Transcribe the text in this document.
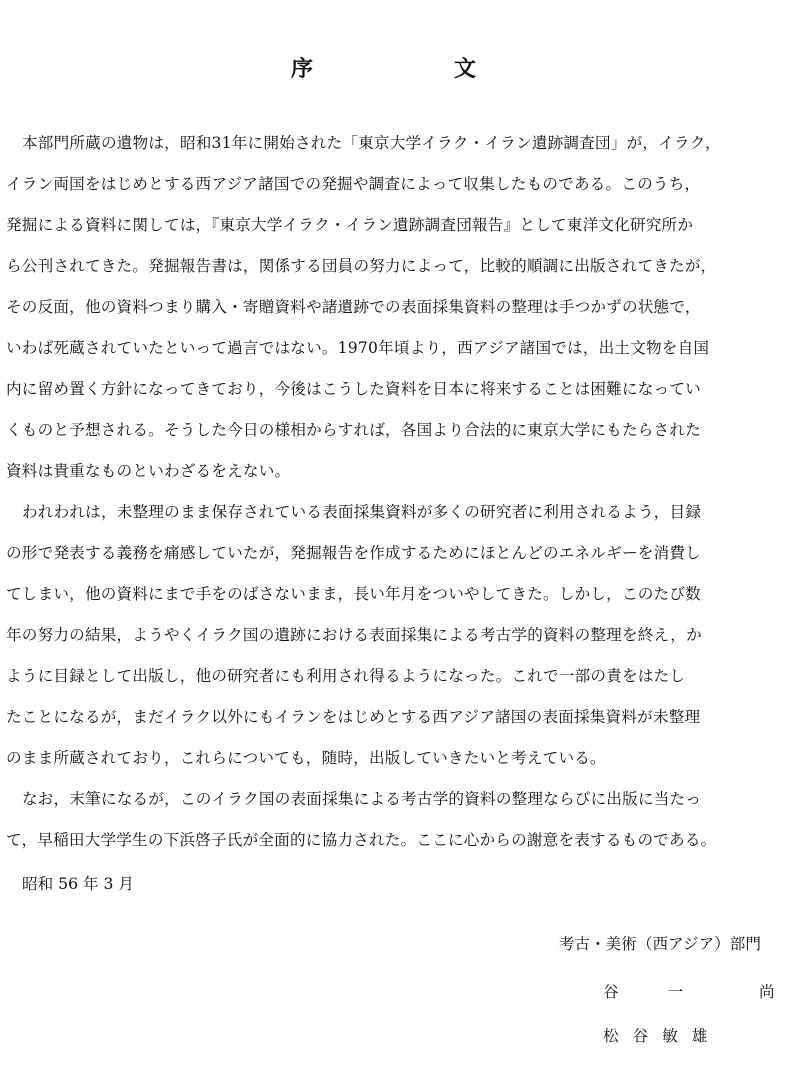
序	文
本部門所蔵の遺物は，昭和31年に開始された「東京大学イラク・イラン遺跡調査団」が，イラク，
イラン両国をはじめとする西アジア諸国での発掘や調査によって収集したものである。このうち，
発掘による資料に関しては，『東京大学イラク・イラン遺跡調査団報告』として東洋文化研究所か
ら公刊されてきた。発掘報告書は，関係する団員の努力によって，比較的順調に出版されてきたが，
その反面，他の資料つまり購入・寄贈資料や諸遺跡での表面採集資料の整理は手つかずの状態で，
いわば死蔵されていたといって過言ではない。1970年頃より，西アジア諸国では，出土文物を自国
内に留め置く方針になってきており，今後はこうした資料を日本に将来することは困難になってい
くものと予想される。そうした今日の様相からすれば，各国より合法的に東京大学にもたらされた
資料は貴重なものといわざるをえない。
われわれは，未整理のまま保存されている表面採集資料が多くの研究者に利用されるよう，目録
の形で発表する義務を痛感していたが，発掘報告を作成するためにほとんどのエネルギーを消費し
てしまい，他の資料にまで手をのばさないまま，長い年月をついやしてきた。しかし，このたび数
年の努力の結果，ようやくイラク国の遺跡における表面採集による考古学的資料の整理を終え，か
ように目録として出版し，他の研究者にも利用され得るようになった。これで一部の責をはたし
たことになるが，まだイラク以外にもイランをはじめとする西アジア諸国の表面採集資料が未整理
のまま所蔵されており，これらについても，随時，出版していきたいと考えている。
なお，末筆になるが，このイラク国の表面採集による考古学的資料の整理ならびに出版に当たっ
て，早稲田大学学生の下浜啓子氏が全面的に協力された。ここに心からの謝意を表するものである。
昭和 56 年 3 月
考古・美術（西アジア）部門
谷 一  尚
松谷敏雄
